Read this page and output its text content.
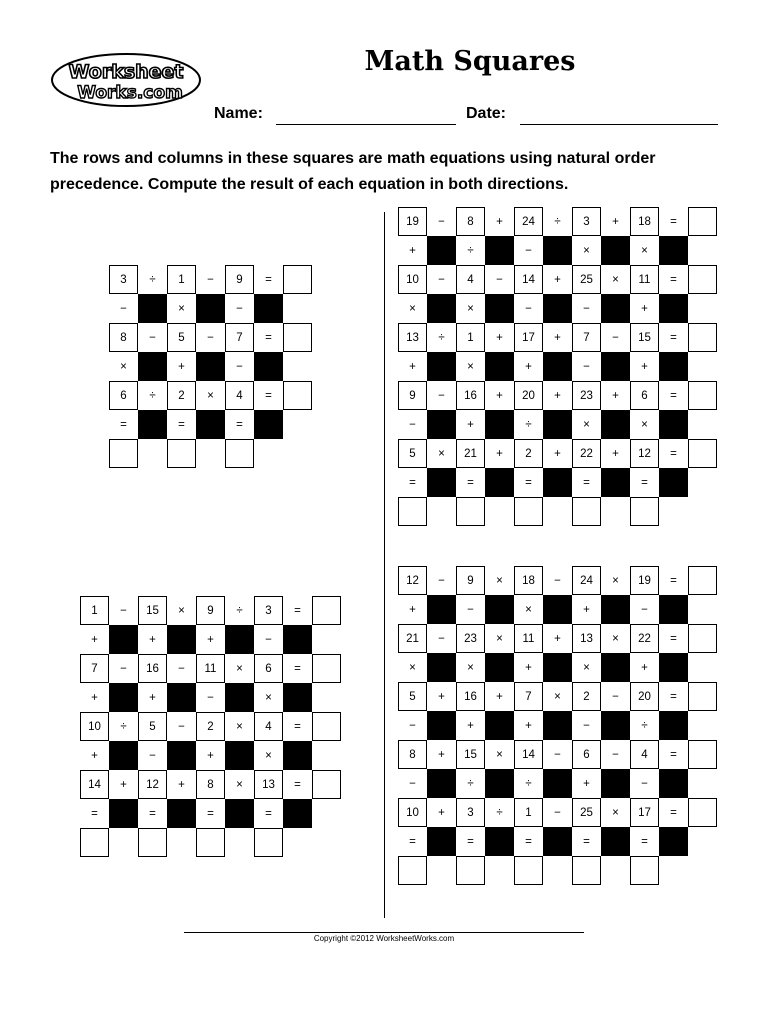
Worksheet
Works.com
Math Squares
Name:	Date:
The rows and columns in these squares are math equations using natural order precedence. Compute the result of each equation in both directions.
3	÷	1	−	9	=
−	×	−
8	−	5	−	7	=
×	+	−
6	÷	2	×	4	=
=	=	=
19	−	8	+	24	÷	3	+	18	=
+	÷	−	×	×
10	−	4	−	14	+	25	×	11	=
×	×	−	−	+
13	÷	1	+	17	+	7	−	15	=
+	×	+	−	+
9	−	16	+	20	+	23	+	6	=
−	+	÷	×	×
5	×	21	+	2	+	22	+	12	=
=	=	=	=	=
1	−	15	×	9	÷	3	=
+	+	+	−
7	−	16	−	11	×	6	=
+	+	−	×
10	÷	5	−	2	×	4	=
+	−	+	×
14	+	12	+	8	×	13	=
=	=	=	=
12	−	9	×	18	−	24	×	19	=
+	−	×	+	−
21	−	23	×	11	+	13	×	22	=
×	×	+	×	+
5	+	16	+	7	×	2	−	20	=
−	+	+	−	÷
8	+	15	×	14	−	6	−	4	=
−	÷	÷	+	−
10	+	3	÷	1	−	25	×	17	=
=	=	=	=	=
Copyright ©2012 WorksheetWorks.com
